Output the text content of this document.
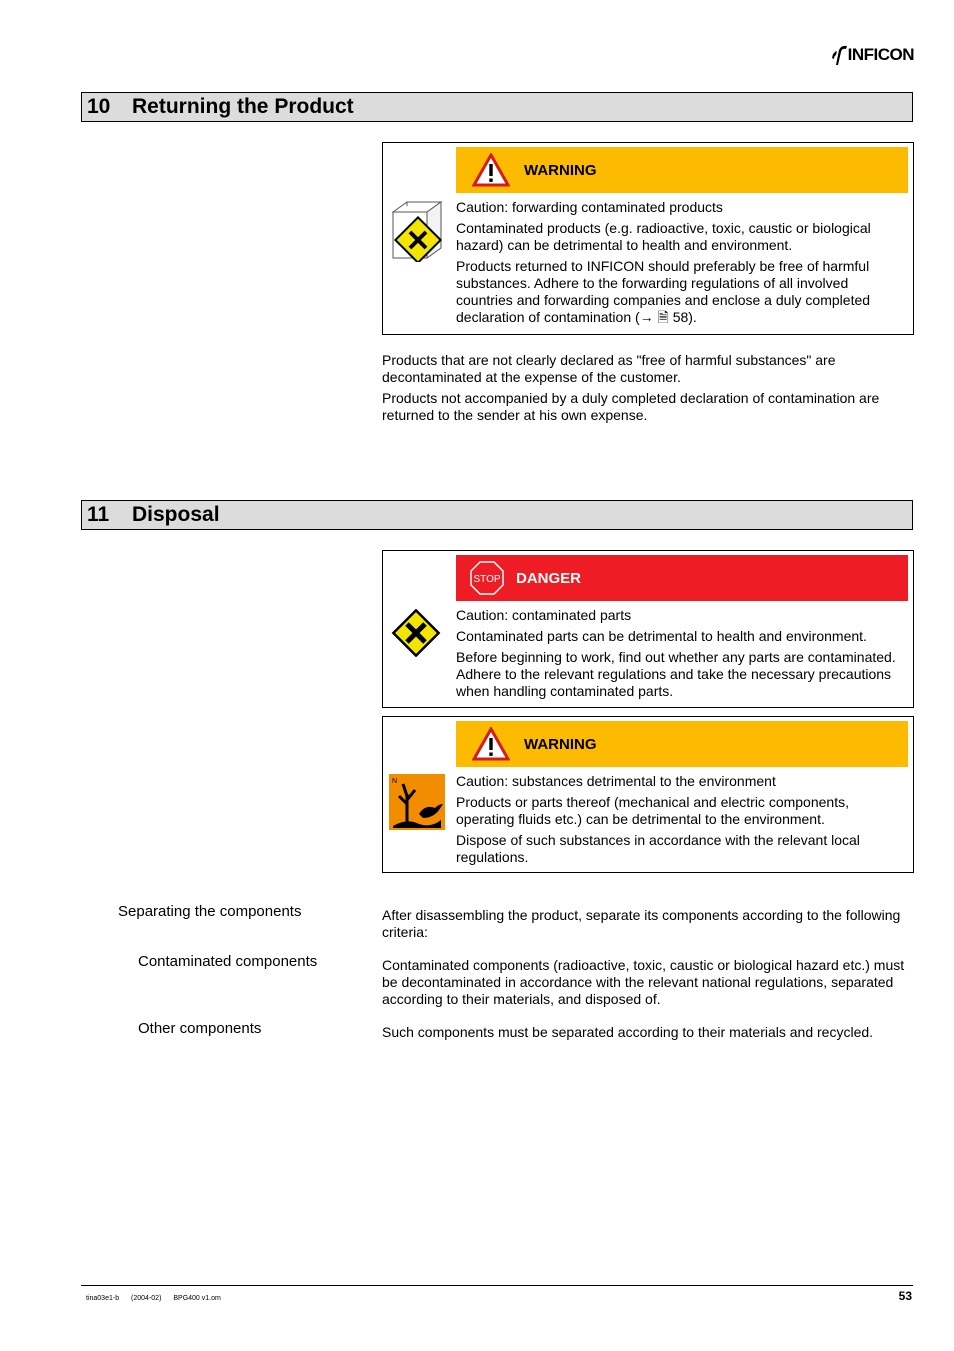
INFICON
10	Returning the Product
WARNING

Caution: forwarding contaminated products

Contaminated products (e.g. radioactive, toxic, caustic or biological hazard) can be detrimental to health and environment.

Products returned to INFICON should preferably be free of harmful substances. Adhere to the forwarding regulations of all involved countries and forwarding companies and enclose a duly completed declaration of contamination (→ 🗎 58).

Products that are not clearly declared as "free of harmful substances" are decontaminated at the expense of the customer.

Products not accompanied by a duly completed declaration of contamination are returned to the sender at his own expense.

11	Disposal
STOP DANGER

Caution: contaminated parts

Contaminated parts can be detrimental to health and environment.

Before beginning to work, find out whether any parts are contaminated. Adhere to the relevant regulations and take the necessary precautions when handling contaminated parts.

WARNING
N	Caution: substances detrimental to the environment

Products or parts thereof (mechanical and electric components, operating fluids etc.) can be detrimental to the environment.

Dispose of such substances in accordance with the relevant local regulations.

Separating the components	After disassembling the product, separate its components according to the following criteria:

Contaminated components	Contaminated components (radioactive, toxic, caustic or biological hazard etc.) must be decontaminated in accordance with the relevant national regulations, separated according to their materials, and disposed of.

Other components	Such components must be separated according to their materials and recycled.

tina03e1-b (2004-02) BPG400 v1.om	53
